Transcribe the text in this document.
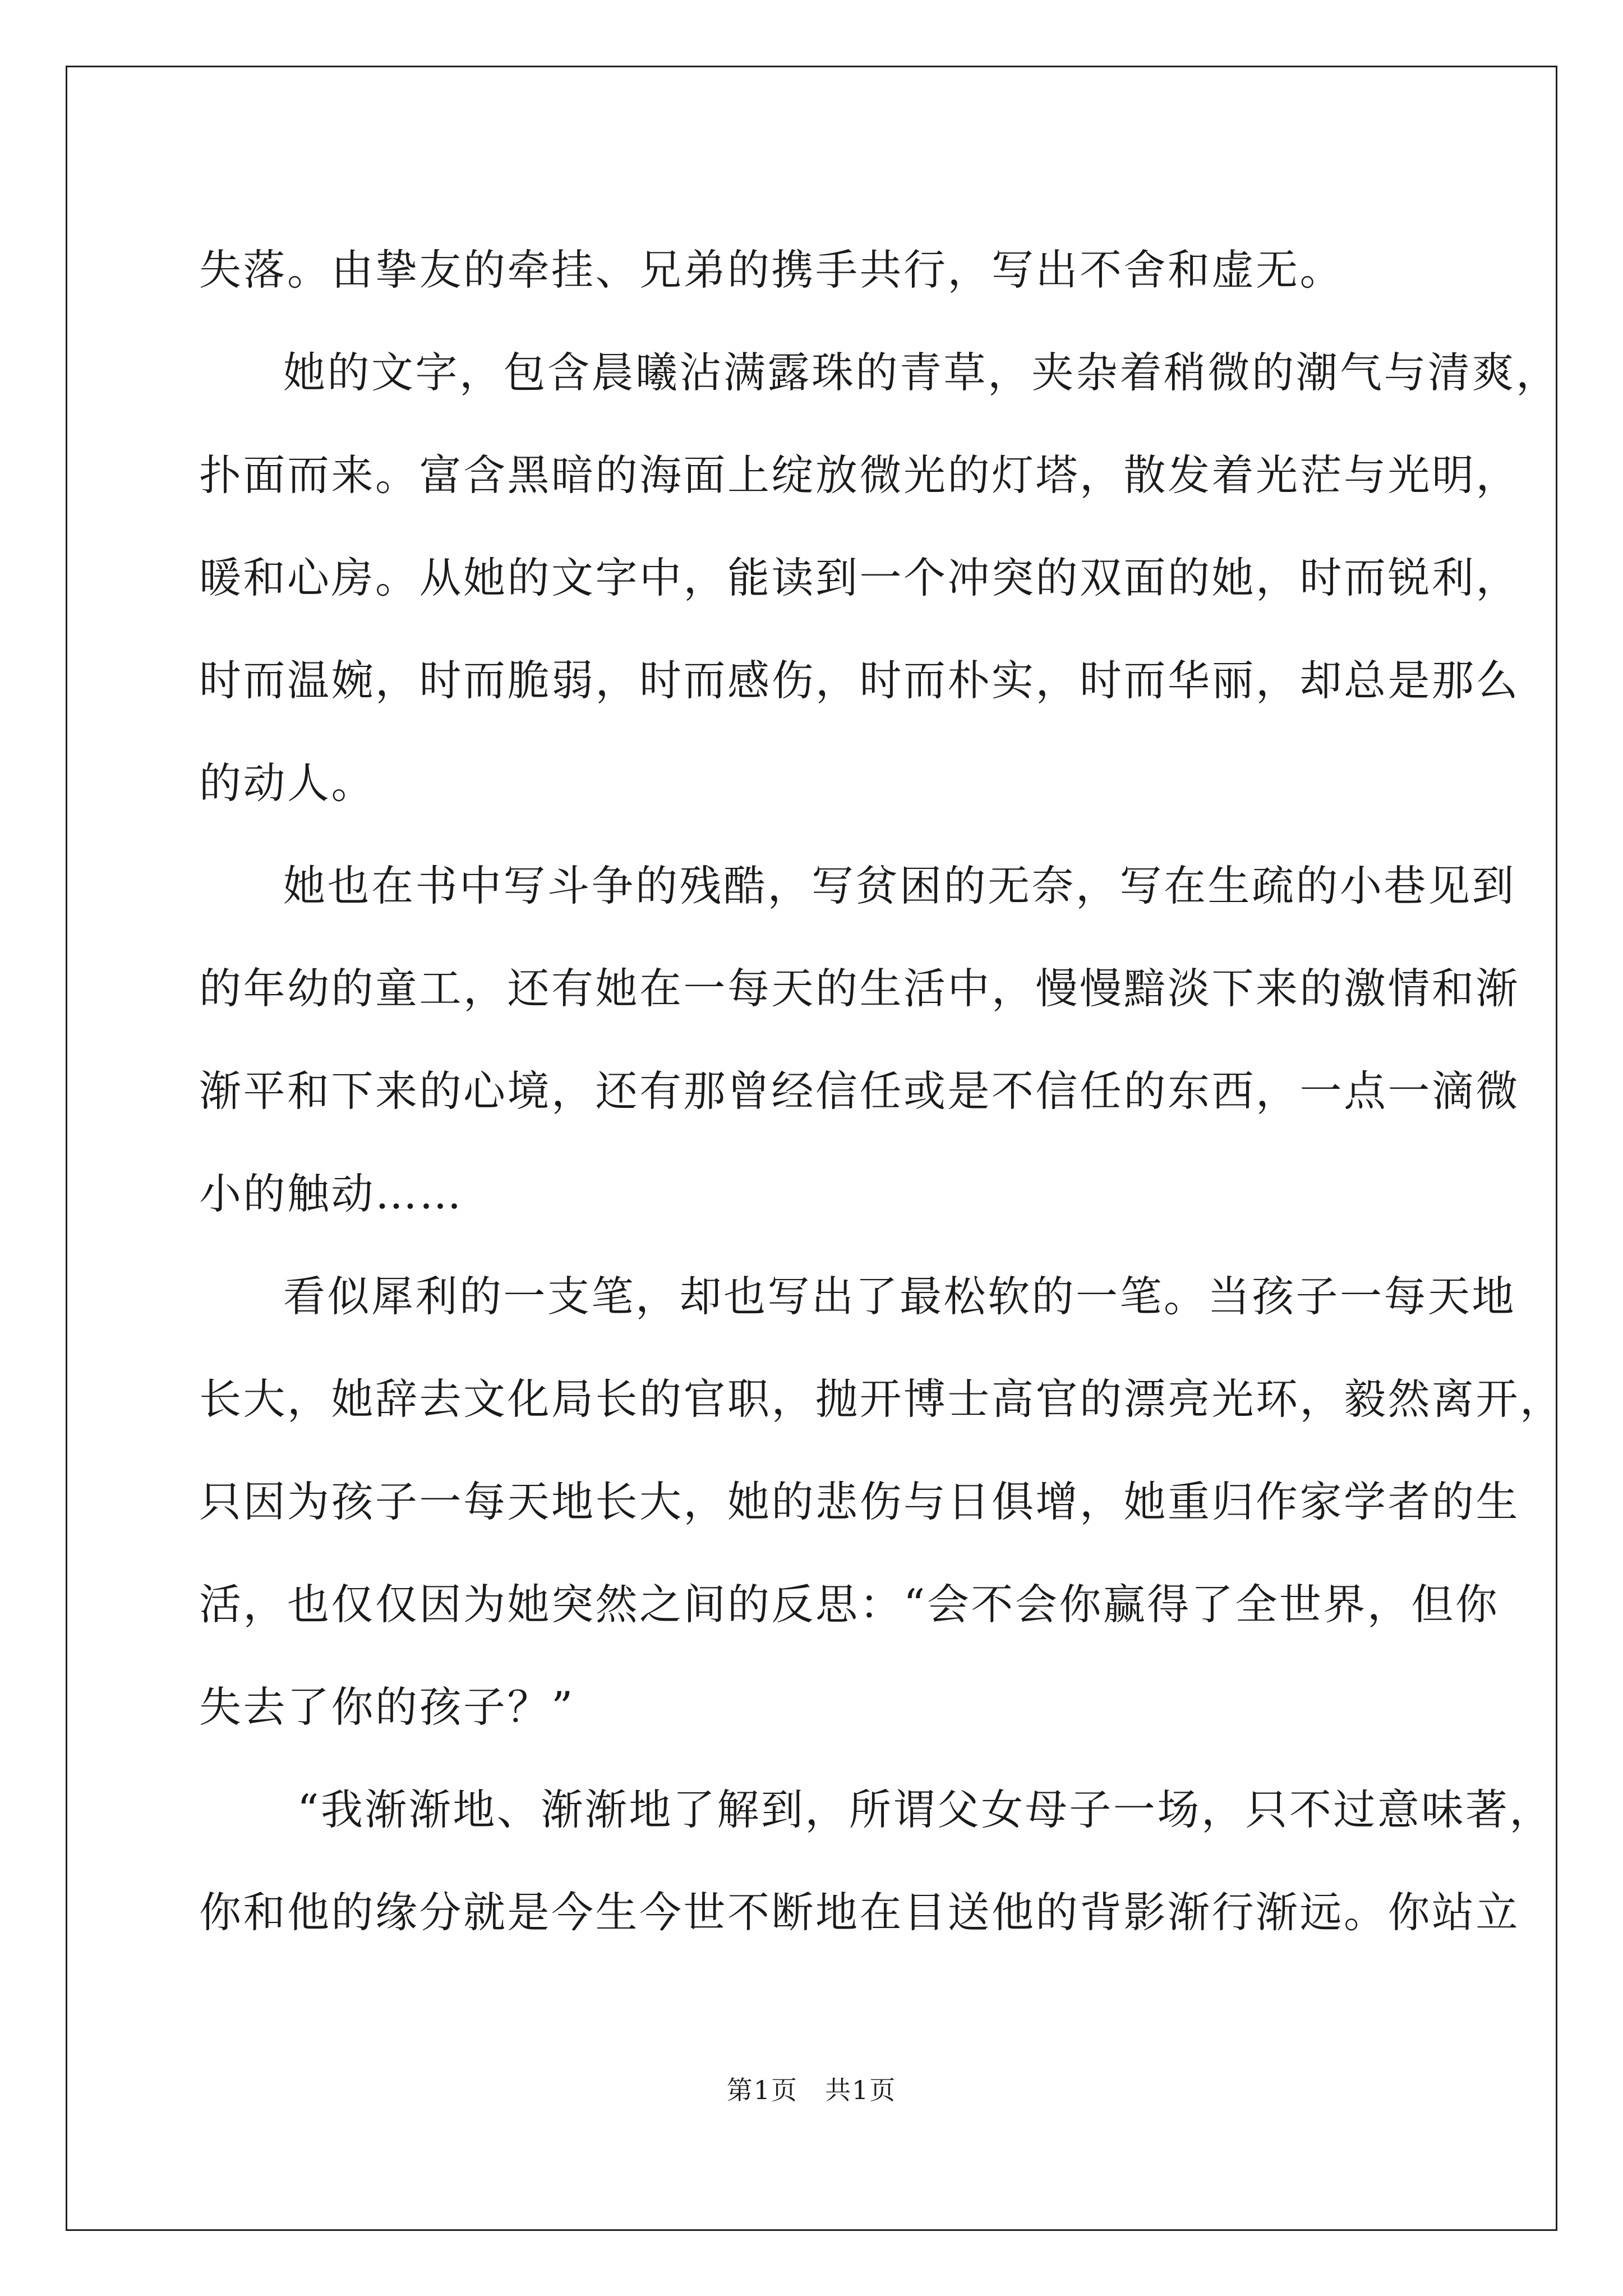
失落。由挚友的牵挂、兄弟的携手共行，写出不舍和虚无。
她的文字，包含晨曦沾满露珠的青草，夹杂着稍微的潮气与清爽，
扑面而来。富含黑暗的海面上绽放微光的灯塔，散发着光茫与光明，
暖和心房。从她的文字中，能读到一个冲突的双面的她，时而锐利，
时而温婉，时而脆弱，时而感伤，时而朴实，时而华丽，却总是那么
的动人。
她也在书中写斗争的残酷，写贫困的无奈，写在生疏的小巷见到
的年幼的童工，还有她在一每天的生活中，慢慢黯淡下来的激情和渐
渐平和下来的心境，还有那曾经信任或是不信任的东西，一点一滴微
小的触动……
看似犀利的一支笔，却也写出了最松软的一笔。当孩子一每天地
长大，她辞去文化局长的官职，抛开博士高官的漂亮光环，毅然离开，
只因为孩子一每天地长大，她的悲伤与日俱增，她重归作家学者的生
活，也仅仅因为她突然之间的反思：“会不会你赢得了全世界，但你
失去了你的孩子？”
“我渐渐地、渐渐地了解到，所谓父女母子一场，只不过意味著，
你和他的缘分就是今生今世不断地在目送他的背影渐行渐远。你站立
第1页　共1页
